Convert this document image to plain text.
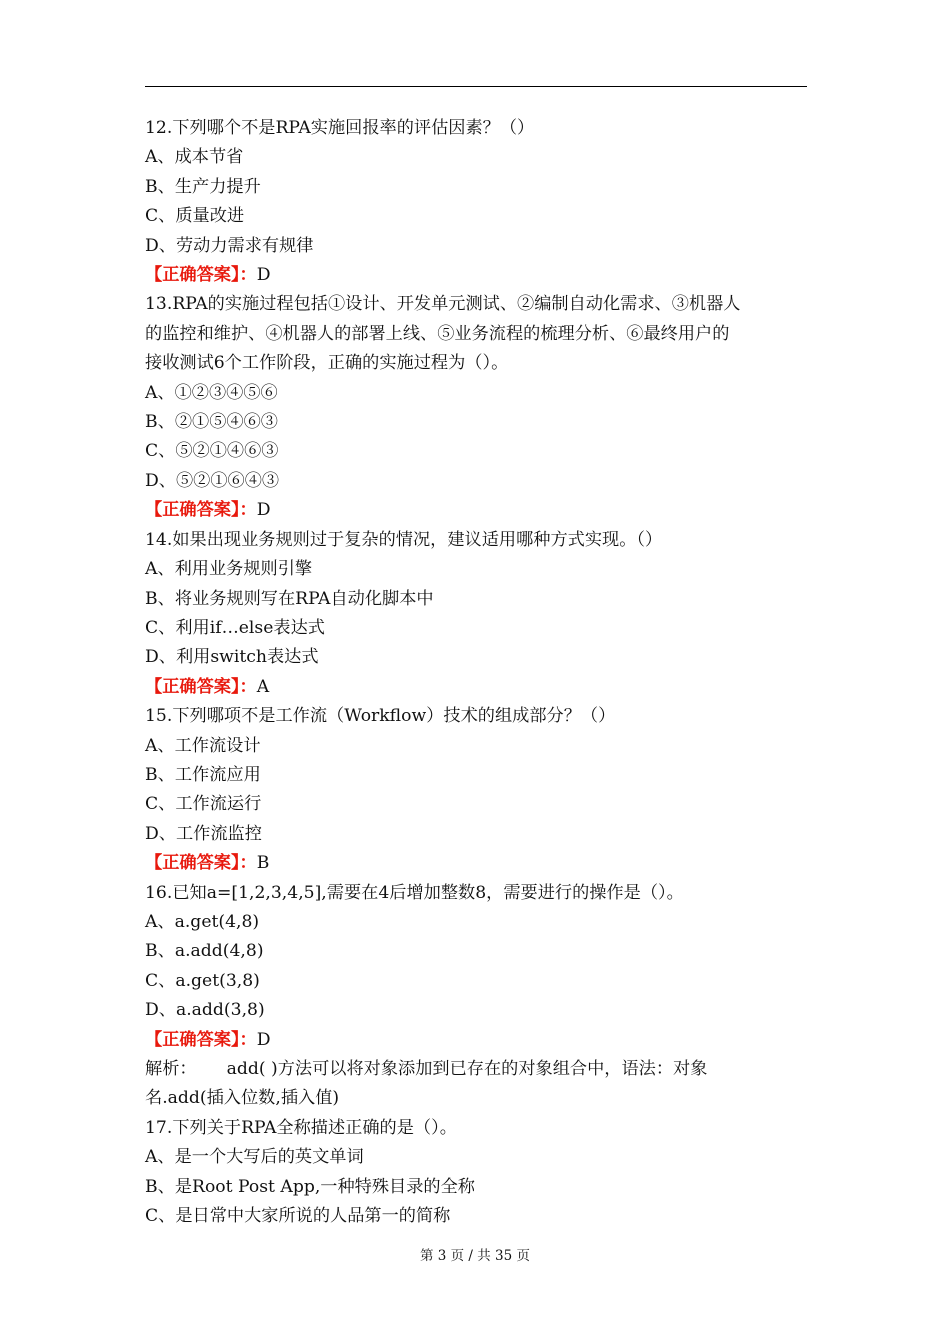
12.下列哪个不是RPA实施回报率的评估因素？（）

A、成本节省

B、生产力提升

C、质量改进

D、劳动力需求有规律

【正确答案】：D

13.RPA的实施过程包括①设计、开发单元测试、②编制自动化需求、③机器人

的监控和维护、④机器人的部署上线、⑤业务流程的梳理分析、⑥最终用户的

接收测试6个工作阶段，正确的实施过程为（）。

A、①②③④⑤⑥

B、②①⑤④⑥③

C、⑤②①④⑥③

D、⑤②①⑥④③

【正确答案】：D

14.如果出现业务规则过于复杂的情况，建议适用哪种方式实现。（）

A、利用业务规则引擎

B、将业务规则写在RPA自动化脚本中

C、利用if…else表达式

D、利用switch表达式

【正确答案】：A

15.下列哪项不是工作流（Workflow）技术的组成部分？（）

A、工作流设计

B、工作流应用

C、工作流运行

D、工作流监控

【正确答案】：B

16.已知a=[1,2,3,4,5],需要在4后增加整数8，需要进行的操作是（）。

A、a.get(4,8)

B、a.add(4,8)

C、a.get(3,8)

D、a.add(3,8)

【正确答案】：D

解析： add( )方法可以将对象添加到已存在的对象组合中，语法：对象

名.add(插入位数,插入值)

17.下列关于RPA全称描述正确的是（）。

A、是一个大写后的英文单词

B、是Root Post App,一种特殊目录的全称

C、是日常中大家所说的人品第一的简称

第 3 页 / 共 35 页
